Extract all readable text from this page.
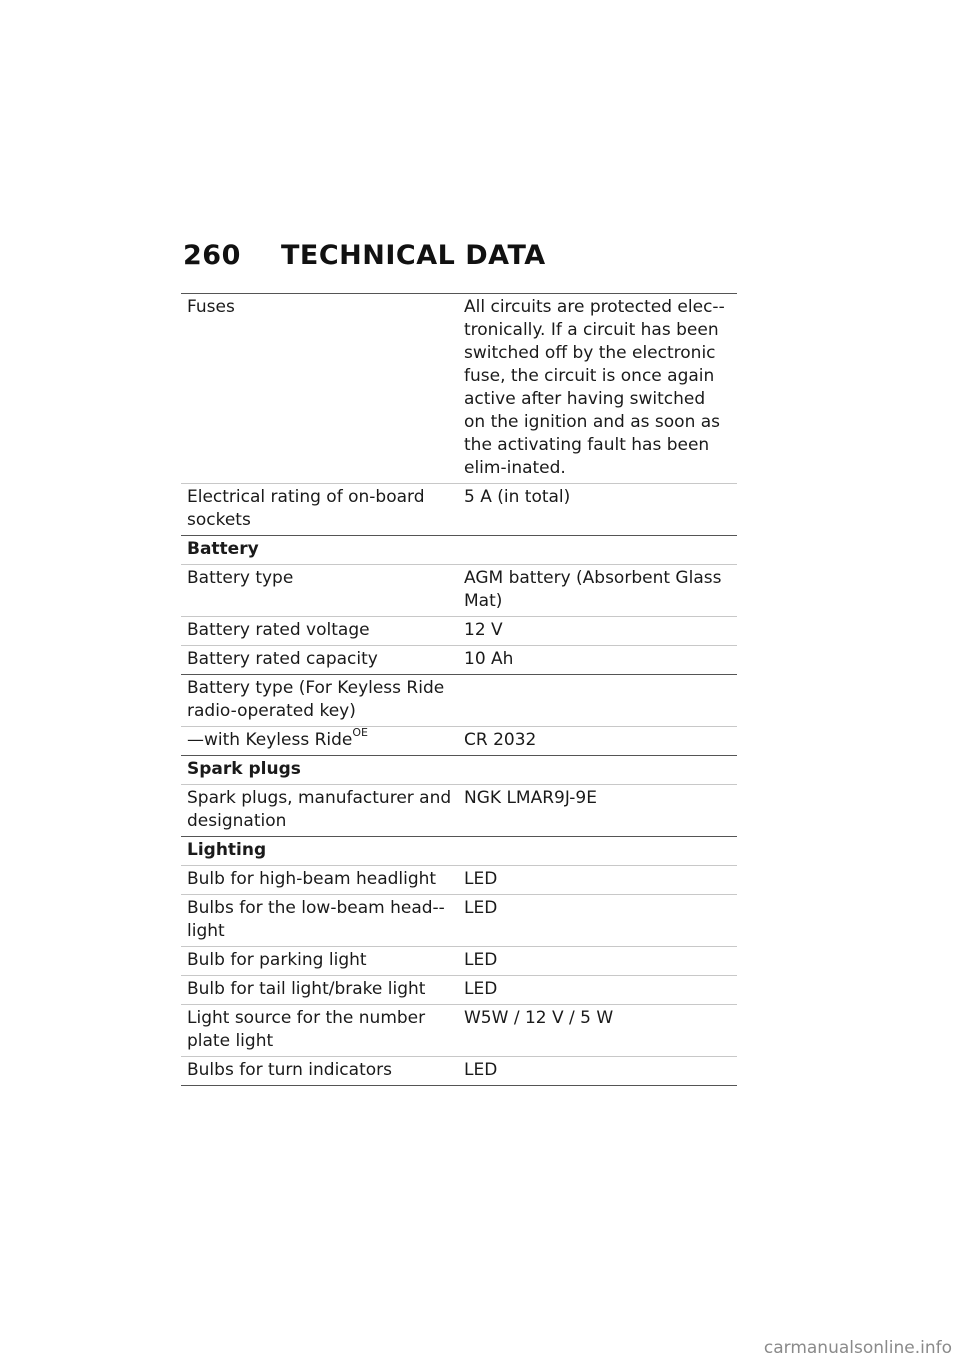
260	TECHNICAL DATA
Fuses	All circuits are protected elec-tronically. If a circuit has been switched off by the electronic fuse, the circuit is once again active after having switched on the ignition and as soon as the activating fault has been elim-inated.
Electrical rating of on-board sockets	5 A (in total)
Battery	
Battery type	AGM battery (Absorbent Glass Mat)
Battery rated voltage	12 V
Battery rated capacity	10 Ah
Battery type (For Keyless Ride radio-operated key)	
—with Keyless Ride$^{OE}$	CR 2032
Spark plugs	
Spark plugs, manufacturer and designation	NGK LMAR9J-9E
Lighting	
Bulb for high-beam headlight	LED
Bulbs for the low-beam head-light	LED
Bulb for parking light	LED
Bulb for tail light/brake light	LED
Light source for the number plate light	W5W / 12 V / 5 W
Bulbs for turn indicators	LED
carmanualsonline.info
